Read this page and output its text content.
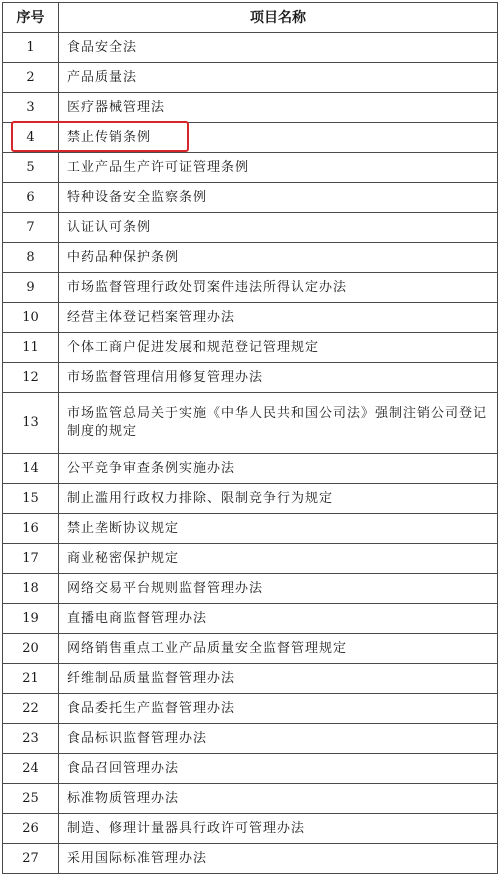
序号	项目名称
1	食品安全法
2	产品质量法
3	医疗器械管理法
4	禁止传销条例
5	工业产品生产许可证管理条例
6	特种设备安全监察条例
7	认证认可条例
8	中药品种保护条例
9	市场监督管理行政处罚案件违法所得认定办法
10	经营主体登记档案管理办法
11	个体工商户促进发展和规范登记管理规定
12	市场监督管理信用修复管理办法
13	市场监管总局关于实施《中华人民共和国公司法》强制注销公司登记制度的规定
14	公平竞争审查条例实施办法
15	制止滥用行政权力排除、限制竞争行为规定
16	禁止垄断协议规定
17	商业秘密保护规定
18	网络交易平台规则监督管理办法
19	直播电商监督管理办法
20	网络销售重点工业产品质量安全监督管理规定
21	纤维制品质量监督管理办法
22	食品委托生产监督管理办法
23	食品标识监督管理办法
24	食品召回管理办法
25	标准物质管理办法
26	制造、修理计量器具行政许可管理办法
27	采用国际标准管理办法
